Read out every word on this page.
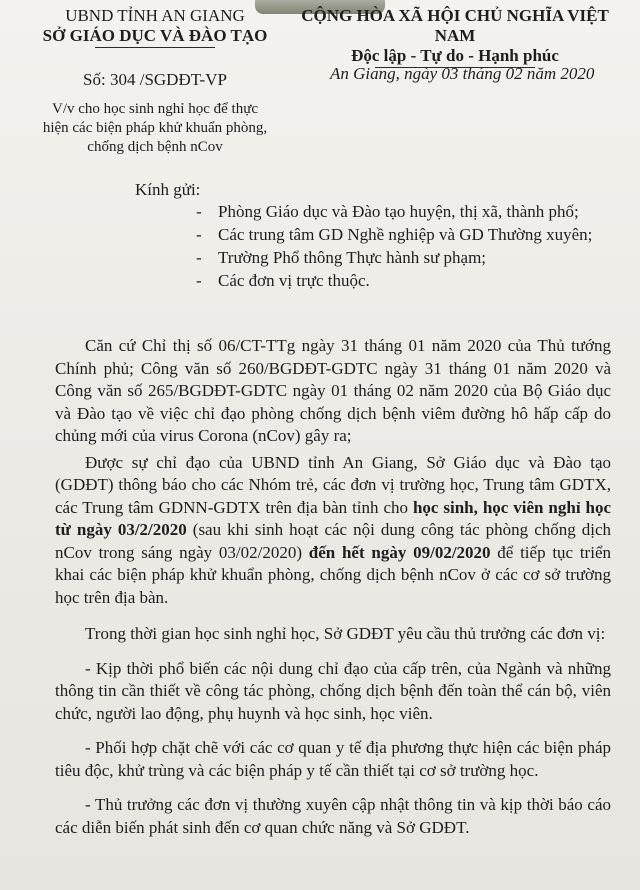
UBND TỈNH AN GIANG
SỞ GIÁO DỤC VÀ ĐÀO TẠO
CỘNG HÒA XÃ HỘI CHỦ NGHĨA VIỆT NAM
Độc lập - Tự do - Hạnh phúc
Số: 304 /SGDĐT-VP	An Giang, ngày 03 tháng 02 năm 2020
V/v cho học sinh nghỉ học để thực
hiện các biện pháp khử khuẩn phòng,
chống dịch bệnh nCov
Kính gửi:
- Phòng Giáo dục và Đào tạo huyện, thị xã, thành phố;
- Các trung tâm GD Nghề nghiệp và GD Thường xuyên;
- Trường Phổ thông Thực hành sư phạm;
- Các đơn vị trực thuộc.

Căn cứ Chỉ thị số 06/CT-TTg ngày 31 tháng 01 năm 2020 của Thủ tướng Chính phủ; Công văn số 260/BGDĐT-GDTC ngày 31 tháng 01 năm 2020 và Công văn số 265/BGDĐT-GDTC ngày 01 tháng 02 năm 2020 của Bộ Giáo dục và Đào tạo về việc chỉ đạo phòng chống dịch bệnh viêm đường hô hấp cấp do chủng mới của virus Corona (nCov) gây ra;

Được sự chỉ đạo của UBND tỉnh An Giang, Sở Giáo dục và Đào tạo (GDĐT) thông báo cho các Nhóm trẻ, các đơn vị trường học, Trung tâm GDTX, các Trung tâm GDNN-GDTX trên địa bàn tỉnh cho học sinh, học viên nghỉ học từ ngày 03/2/2020 (sau khi sinh hoạt các nội dung công tác phòng chống dịch nCov trong sáng ngày 03/02/2020) đến hết ngày 09/02/2020 để tiếp tục triển khai các biện pháp khử khuẩn phòng, chống dịch bệnh nCov ở các cơ sở trường học trên địa bàn.

Trong thời gian học sinh nghỉ học, Sở GDĐT yêu cầu thủ trưởng các đơn vị:

- Kịp thời phổ biến các nội dung chỉ đạo của cấp trên, của Ngành và những thông tin cần thiết về công tác phòng, chống dịch bệnh đến toàn thể cán bộ, viên chức, người lao động, phụ huynh và học sinh, học viên.

- Phối hợp chặt chẽ với các cơ quan y tế địa phương thực hiện các biện pháp tiêu độc, khử trùng và các biện pháp y tế cần thiết tại cơ sở trường học.

- Thủ trưởng các đơn vị thường xuyên cập nhật thông tin và kịp thời báo cáo các diễn biến phát sinh đến cơ quan chức năng và Sở GDĐT.
